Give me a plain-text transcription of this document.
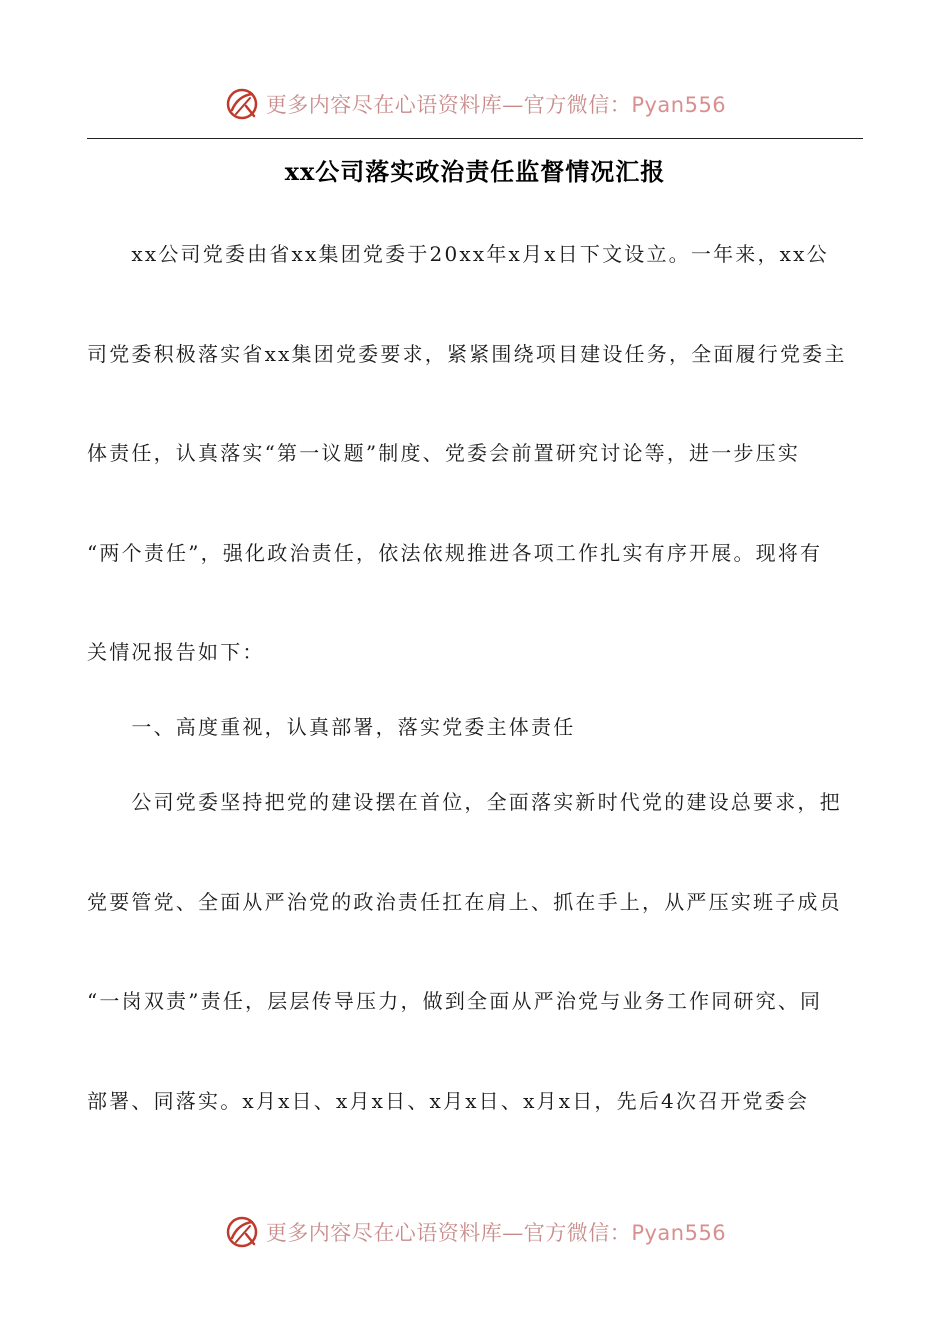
更多内容尽在心语资料库—官方微信：Pyan556
xx公司落实政治责任监督情况汇报
　　xx公司党委由省xx集团党委于20xx年x月x日下文设立。一年来，xx公
司党委积极落实省xx集团党委要求，紧紧围绕项目建设任务，全面履行党委主
体责任，认真落实“第一议题”制度、党委会前置研究讨论等，进一步压实
“两个责任”，强化政治责任，依法依规推进各项工作扎实有序开展。现将有
关情况报告如下：
　　一、高度重视，认真部署，落实党委主体责任
　　公司党委坚持把党的建设摆在首位，全面落实新时代党的建设总要求，把
党要管党、全面从严治党的政治责任扛在肩上、抓在手上，从严压实班子成员
“一岗双责”责任，层层传导压力，做到全面从严治党与业务工作同研究、同
部署、同落实。x月x日、x月x日、x月x日、x月x日，先后4次召开党委会
更多内容尽在心语资料库—官方微信：Pyan556
